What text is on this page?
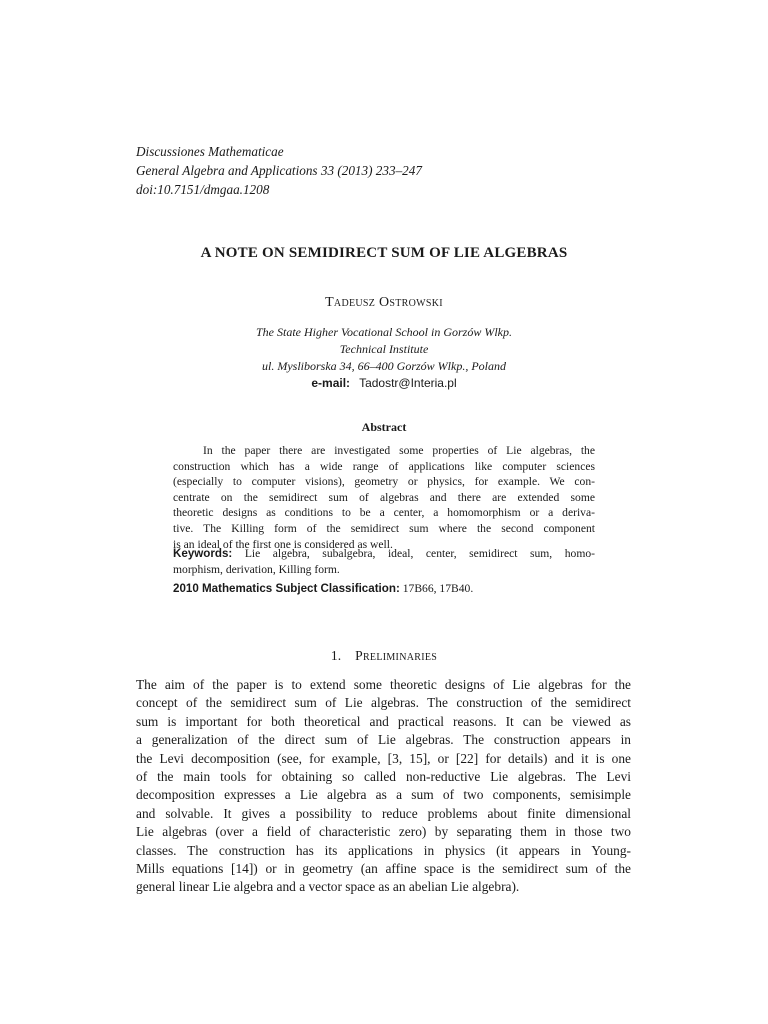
Discussiones Mathematicae
General Algebra and Applications 33 (2013) 233–247
doi:10.7151/dmgaa.1208
A NOTE ON SEMIDIRECT SUM OF LIE ALGEBRAS
Tadeusz Ostrowski
The State Higher Vocational School in Gorzów Wlkp.
Technical Institute
ul. Mysliborska 34, 66–400 Gorzów Wlkp., Poland
e-mail: Tadostr@Interia.pl
Abstract
In the paper there are investigated some properties of Lie algebras, the
construction which has a wide range of applications like computer sciences
(especially to computer visions), geometry or physics, for example. We con-
centrate on the semidirect sum of algebras and there are extended some
theoretic designs as conditions to be a center, a homomorphism or a deriva-
tive. The Killing form of the semidirect sum where the second component
is an ideal of the first one is considered as well.
Keywords: Lie algebra, subalgebra, ideal, center, semidirect sum, homo-
morphism, derivation, Killing form.
2010 Mathematics Subject Classification: 17B66, 17B40.
1. Preliminaries
The aim of the paper is to extend some theoretic designs of Lie algebras for the
concept of the semidirect sum of Lie algebras. The construction of the semidirect
sum is important for both theoretical and practical reasons. It can be viewed as
a generalization of the direct sum of Lie algebras. The construction appears in
the Levi decomposition (see, for example, [3, 15], or [22] for details) and it is one
of the main tools for obtaining so called non-reductive Lie algebras. The Levi
decomposition expresses a Lie algebra as a sum of two components, semisimple
and solvable. It gives a possibility to reduce problems about finite dimensional
Lie algebras (over a field of characteristic zero) by separating them in those two
classes. The construction has its applications in physics (it appears in Young-
Mills equations [14]) or in geometry (an affine space is the semidirect sum of the
general linear Lie algebra and a vector space as an abelian Lie algebra).
